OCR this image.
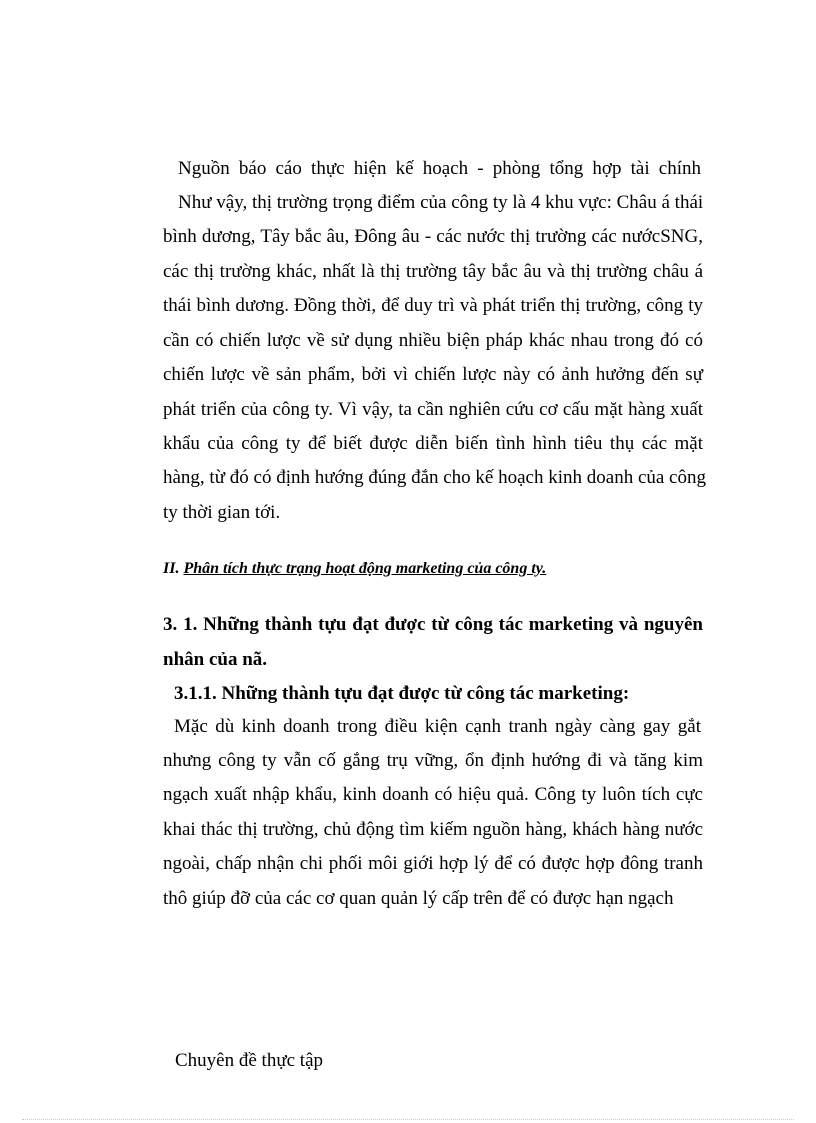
Nguồn báo cáo thực hiện kế hoạch - phòng tổng hợp tài chính
Như vậy, thị trường trọng điểm của công ty là 4 khu vực: Châu á thái
bình dương, Tây bắc âu, Đông âu - các nước thị trường các nướcSNG,
các thị trường khác, nhất là thị trường tây bắc âu và thị trường châu á
thái bình dương. Đồng thời, để duy trì và phát triển thị trường, công ty
cần có chiến lược về sử dụng nhiều biện pháp khác nhau trong đó có
chiến lược về sản phẩm, bởi vì chiến lược này có ảnh hưởng đến sự
phát triển của công ty. Vì vậy, ta cần nghiên cứu cơ cấu mặt hàng xuất
khẩu của công ty để biết được diễn biến tình hình tiêu thụ các mặt
hàng, từ đó có định hướng đúng đắn cho kế hoạch kinh doanh của công
ty thời gian tới.
II. Phân tích thực trạng hoạt động marketing của công ty.
3. 1. Những thành tựu đạt được từ công tác marketing và nguyên
nhân của nã.
3.1.1. Những thành tựu đạt được từ công tác marketing:
Mặc dù kinh doanh trong điều kiện cạnh tranh ngày càng gay gắt
nhưng công ty vẫn cố gắng trụ vững, ổn định hướng đi và tăng kim
ngạch xuất nhập khẩu, kinh doanh có hiệu quả. Công ty luôn tích cực
khai thác thị trường, chủ động tìm kiếm nguồn hàng, khách hàng nước
ngoài, chấp nhận chi phối môi giới hợp lý để có được hợp đông tranh
thô giúp đỡ của các cơ quan quản lý cấp trên để có được hạn ngạch
Chuyên đề thực tập
